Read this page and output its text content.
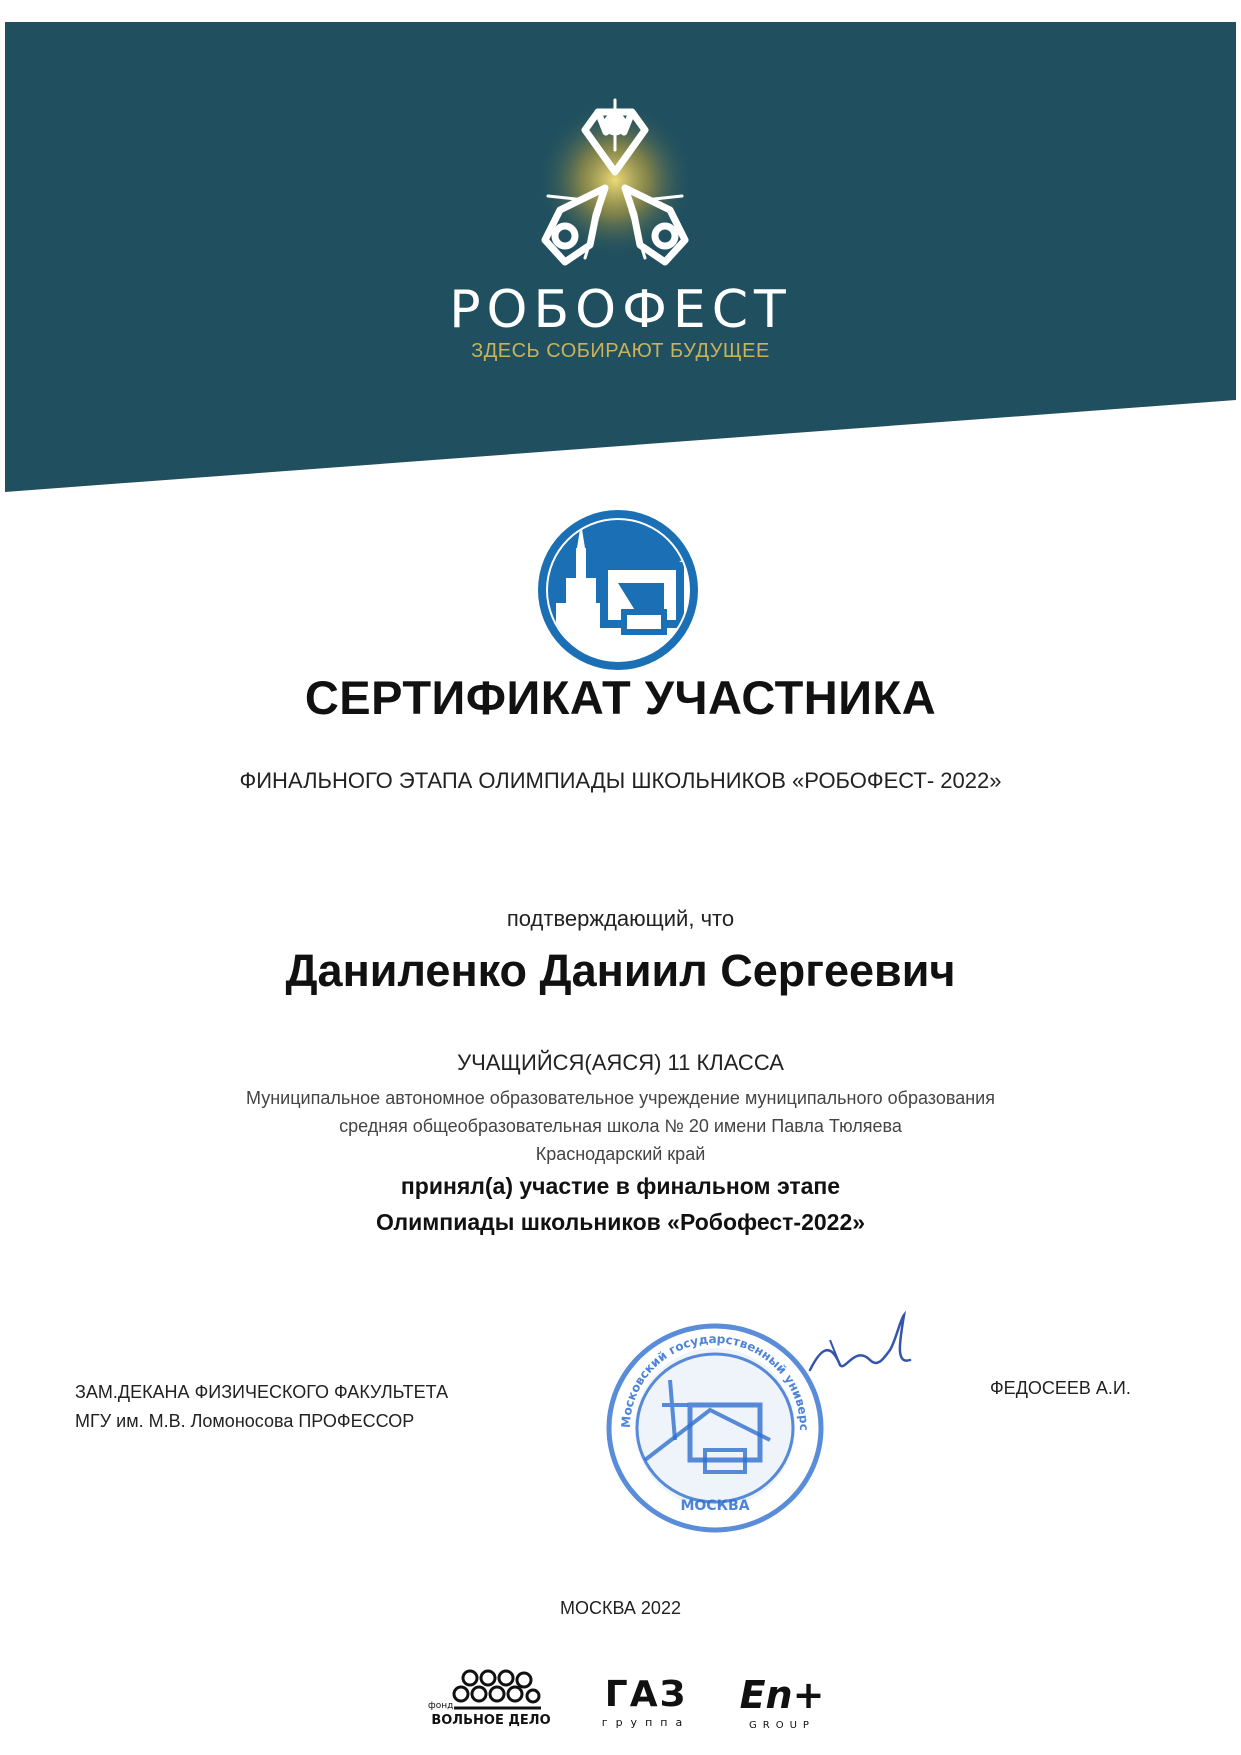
РОБОФЕСТ
ЗДЕСЬ СОБИРАЮТ БУДУЩЕЕ
СЕРТИФИКАТ УЧАСТНИКА
ФИНАЛЬНОГО ЭТАПА ОЛИМПИАДЫ ШКОЛЬНИКОВ «РОБОФЕСТ- 2022»
подтверждающий, что
Даниленко Даниил Сергеевич
УЧАЩИЙСЯ(АЯСЯ) 11 КЛАССА
Муниципальное автономное образовательное учреждение муниципального образования
средняя общеобразовательная школа № 20 имени Павла Тюляева
Краснодарский край
принял(а) участие в финальном этапе
Олимпиады школьников «Робофест-2022»
Московский государственный универс
МОСКВА
ЗАМ.ДЕКАНА ФИЗИЧЕСКОГО ФАКУЛЬТЕТА
МГУ им. М.В. Ломоносова ПРОФЕССОР
ФЕДОСЕЕВ А.И.
МОСКВА 2022
фонд
ВОЛЬНОЕ ДЕЛО
ГАЗ
группа
En+
GROUP
